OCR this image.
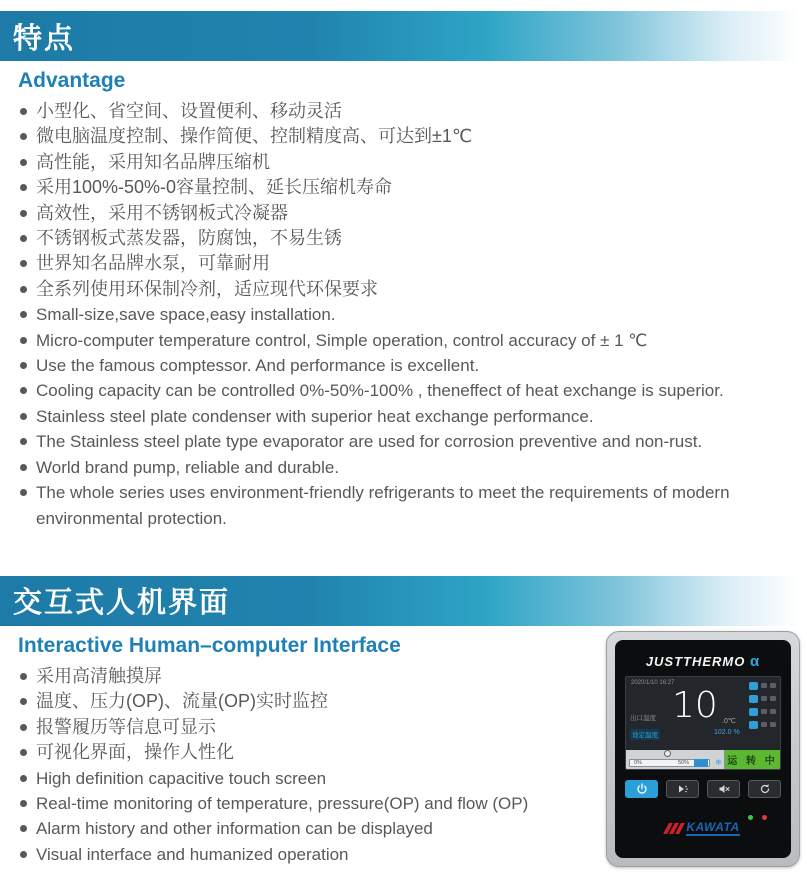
特点
Advantage
小型化、省空间、设置便利、移动灵活
微电脑温度控制、操作简便、控制精度高、可达到±1℃
高性能，采用知名品牌压缩机
采用100%-50%-0容量控制、延长压缩机寿命
高效性，采用不锈钢板式冷凝器
不锈钢板式蒸发器，防腐蚀，不易生锈
世界知名品牌水泵，可靠耐用
全系列使用环保制冷剂，适应现代环保要求
Small-size,save space,easy installation.
Micro-computer temperature control, Simple operation, control accuracy of ± 1 ℃
Use the famous comptessor. And performance is excellent.
Cooling capacity can be controlled 0%-50%-100% , theneffect of heat exchange is superior.
Stainless steel plate condenser with superior heat exchange performance.
The Stainless steel plate type evaporator are used for corrosion preventive and non-rust.
World brand pump, reliable and durable.
The whole series uses environment-friendly refrigerants to meet the requirements of modern environmental protection.
交互式人机界面
Interactive Human–computer Interface
采用高清触摸屏
温度、压力(OP)、流量(OP)实时监控
报警履历等信息可显示
可视化界面，操作人性化
High definition capacitive touch screen
Real-time monitoring of temperature, pressure(OP) and flow (OP)
Alarm history and other information can be displayed
Visual interface and humanized operation
JUSTTHERMO α
2020/1/10 16:27
出口温度
设定温度
10 .0℃
102.0 %
0%	50%	❄ 运 转 中
KAWATA
